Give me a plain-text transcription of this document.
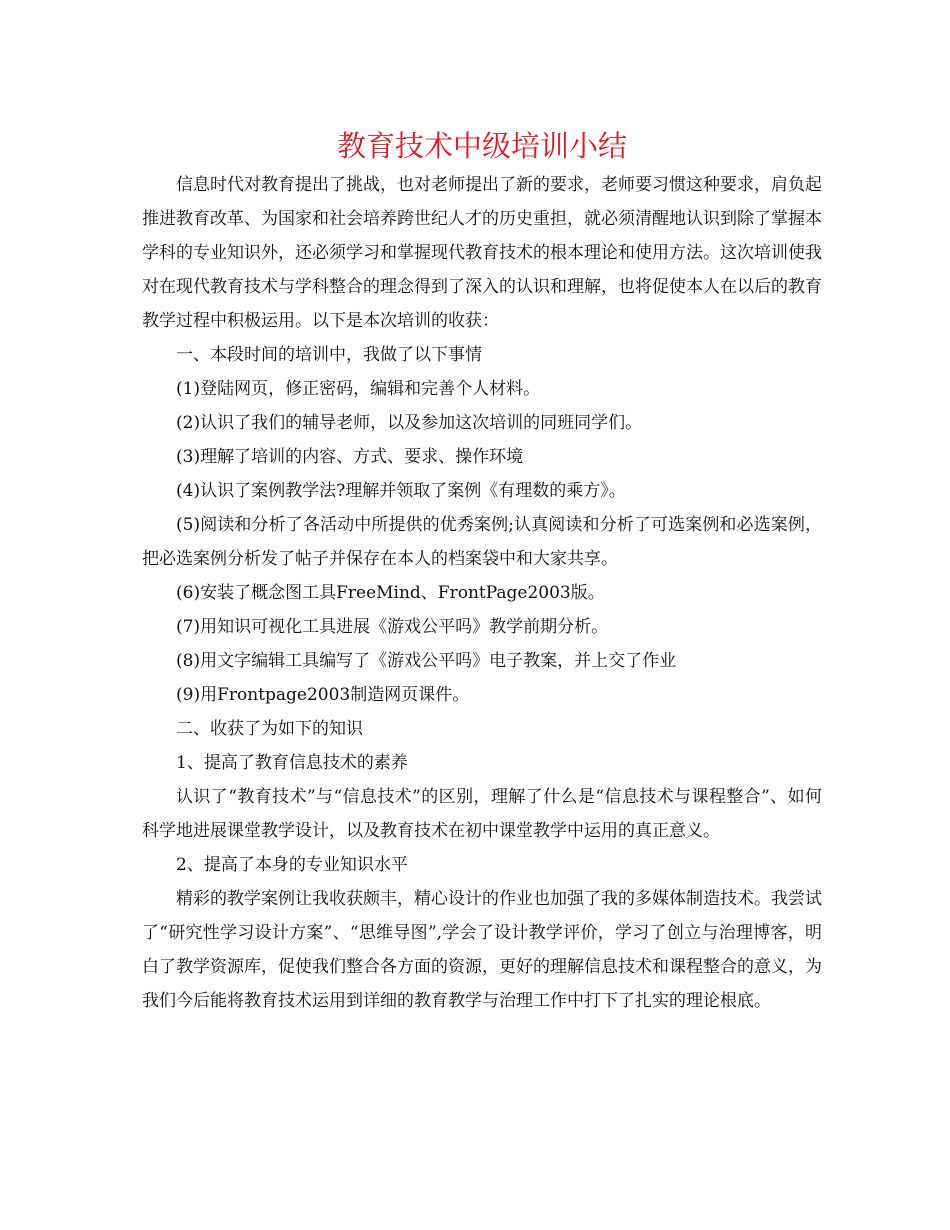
教育技术中级培训小结

信息时代对教育提出了挑战，也对老师提出了新的要求，老师要习惯这种要求，肩负起推进教育改革、为国家和社会培养跨世纪人才的历史重担，就必须清醒地认识到除了掌握本学科的专业知识外，还必须学习和掌握现代教育技术的根本理论和使用方法。这次培训使我对在现代教育技术与学科整合的理念得到了深入的认识和理解，也将促使本人在以后的教育教学过程中积极运用。以下是本次培训的收获：

一、本段时间的培训中，我做了以下事情

(1)登陆网页，修正密码，编辑和完善个人材料。

(2)认识了我们的辅导老师，以及参加这次培训的同班同学们。

(3)理解了培训的内容、方式、要求、操作环境

(4)认识了案例教学法?理解并领取了案例《有理数的乘方》。

(5)阅读和分析了各活动中所提供的优秀案例;认真阅读和分析了可选案例和必选案例，把必选案例分析发了帖子并保存在本人的档案袋中和大家共享。

(6)安装了概念图工具FreeMind、FrontPage2003版。

(7)用知识可视化工具进展《游戏公平吗》教学前期分析。

(8)用文字编辑工具编写了《游戏公平吗》电子教案，并上交了作业

(9)用Frontpage2003制造网页课件。

二、收获了为如下的知识

1、提高了教育信息技术的素养

认识了“教育技术”与“信息技术”的区别，理解了什么是“信息技术与课程整合”、如何科学地进展课堂教学设计，以及教育技术在初中课堂教学中运用的真正意义。

2、提高了本身的专业知识水平

精彩的教学案例让我收获颇丰，精心设计的作业也加强了我的多媒体制造技术。我尝试了“研究性学习设计方案”、“思维导图”,学会了设计教学评价，学习了创立与治理博客，明白了教学资源库，促使我们整合各方面的资源，更好的理解信息技术和课程整合的意义，为我们今后能将教育技术运用到详细的教育教学与治理工作中打下了扎实的理论根底。
